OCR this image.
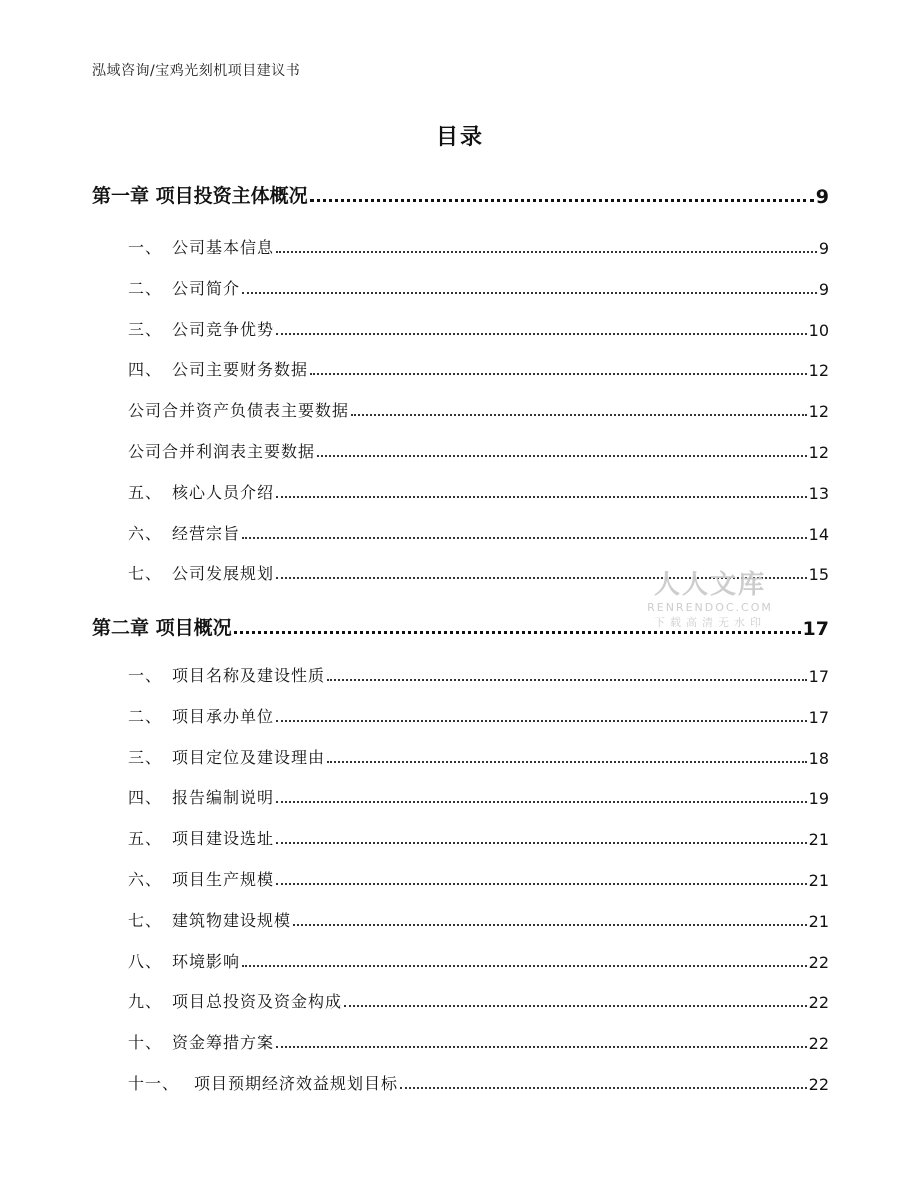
泓域咨询/宝鸡光刻机项目建议书
目录
第一章 项目投资主体概况	9
一、 公司基本信息	9
二、 公司简介	9
三、 公司竞争优势	10
四、 公司主要财务数据	12
公司合并资产负债表主要数据	12
公司合并利润表主要数据	12
五、 核心人员介绍	13
六、 经营宗旨	14
七、 公司发展规划	15
第二章 项目概况	17
一、 项目名称及建设性质	17
二、 项目承办单位	17
三、 项目定位及建设理由	18
四、 报告编制说明	19
五、 项目建设选址	21
六、 项目生产规模	21
七、 建筑物建设规模	21
八、 环境影响	22
九、 项目总投资及资金构成	22
十、 资金筹措方案	22
十一、 项目预期经济效益规划目标	22
人人文库
RENRENDOC.COM
下载高清无水印
